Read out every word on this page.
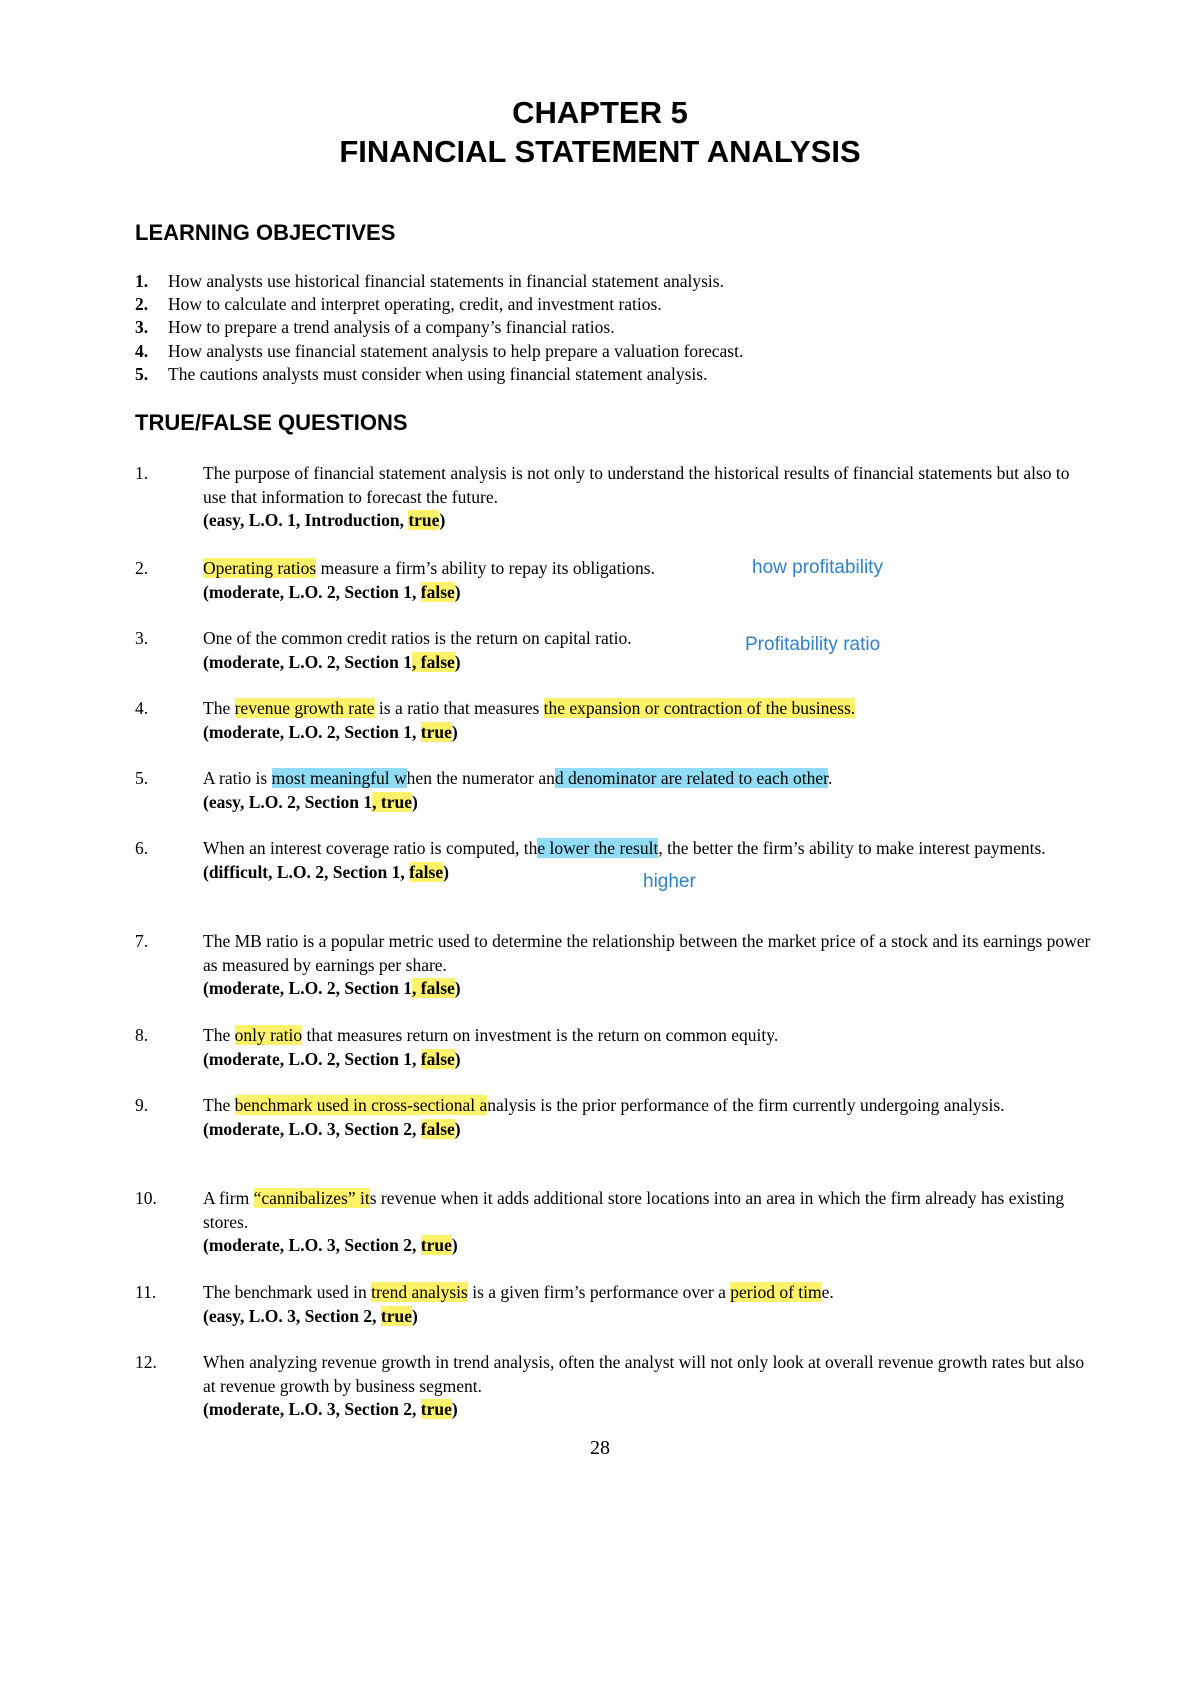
CHAPTER 5
FINANCIAL STATEMENT ANALYSIS
LEARNING OBJECTIVES
1. How analysts use historical financial statements in financial statement analysis.
2. How to calculate and interpret operating, credit, and investment ratios.
3. How to prepare a trend analysis of a company’s financial ratios.
4. How analysts use financial statement analysis to help prepare a valuation forecast.
5. The cautions analysts must consider when using financial statement analysis.
TRUE/FALSE QUESTIONS
1.	The purpose of financial statement analysis is not only to understand the historical results of financial statements but also to use that information to forecast the future.
(easy, L.O. 1, Introduction, true)
2.	Operating ratios measure a firm’s ability to repay its obligations.
(moderate, L.O. 2, Section 1, false)
how profitability
3.	One of the common credit ratios is the return on capital ratio.
(moderate, L.O. 2, Section 1, false)
Profitability ratio
4.	The revenue growth rate is a ratio that measures the expansion or contraction of the business.
(moderate, L.O. 2, Section 1, true)
5.	A ratio is most meaningful when the numerator and denominator are related to each other.
(easy, L.O. 2, Section 1, true)
6.	When an interest coverage ratio is computed, the lower the result, the better the firm’s ability to make interest payments.
(difficult, L.O. 2, Section 1, false)	higher
7.	The MB ratio is a popular metric used to determine the relationship between the market price of a stock and its earnings power as measured by earnings per share.
(moderate, L.O. 2, Section 1, false)
8.	The only ratio that measures return on investment is the return on common equity.
(moderate, L.O. 2, Section 1, false)
9.	The benchmark used in cross-sectional analysis is the prior performance of the firm currently undergoing analysis.
(moderate, L.O. 3, Section 2, false)
10.	A firm “cannibalizes” its revenue when it adds additional store locations into an area in which the firm already has existing stores.
(moderate, L.O. 3, Section 2, true)
11.	The benchmark used in trend analysis is a given firm’s performance over a period of time.
(easy, L.O. 3, Section 2, true)
12.	When analyzing revenue growth in trend analysis, often the analyst will not only look at overall revenue growth rates but also at revenue growth by business segment.
(moderate, L.O. 3, Section 2, true)
28
